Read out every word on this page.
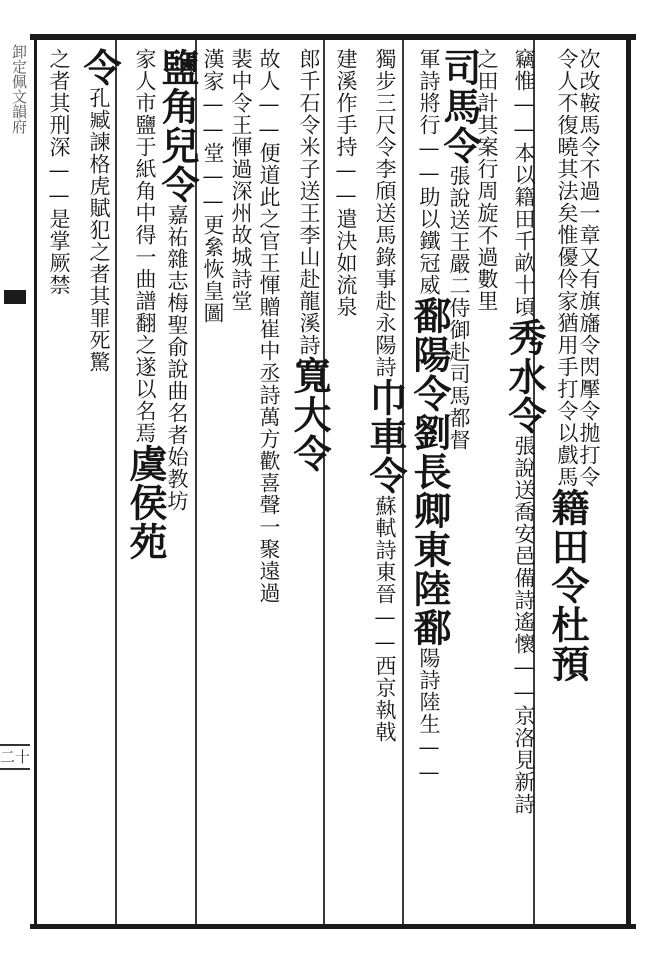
次改鞍馬令不過一章又有旗旛令閃擪令拋打令
令人不復曉其法矣惟優伶家猶用手打令以戲馬籍田令杜預
竊惟——本以籍田千畝十頃秀水令張說送喬安邑備詩遙懷——京洛見新詩
之田計其案行周旋不過數里
司馬令張說送王嚴二侍御赴司馬都督
軍詩將行——助以鐵冠威鄱陽令劉長卿東陸鄱陽詩陸生——
獨步三尺令李頎送馬錄事赴永陽詩巾車令蘇軾詩東晉——西京執戟
建溪作手持——遣決如流泉
郎千石令米子送王李山赴龍溪詩寬大令
故人——便道此之官王惲贈崔中丞詩萬方歡喜聲一聚遠過
裴中令王惲過深州故城詩堂
漢家——堂——更絫恢皇圖
鹽角兒令嘉祐雜志梅聖俞說曲名者始教坊
家人市鹽于紙角中得一曲譜翻之遂以名焉虞侯苑
令孔臧諫格虎賦犯之者其罪死驚
之者其刑深——是掌厥禁
卸定佩文韻府
二十
